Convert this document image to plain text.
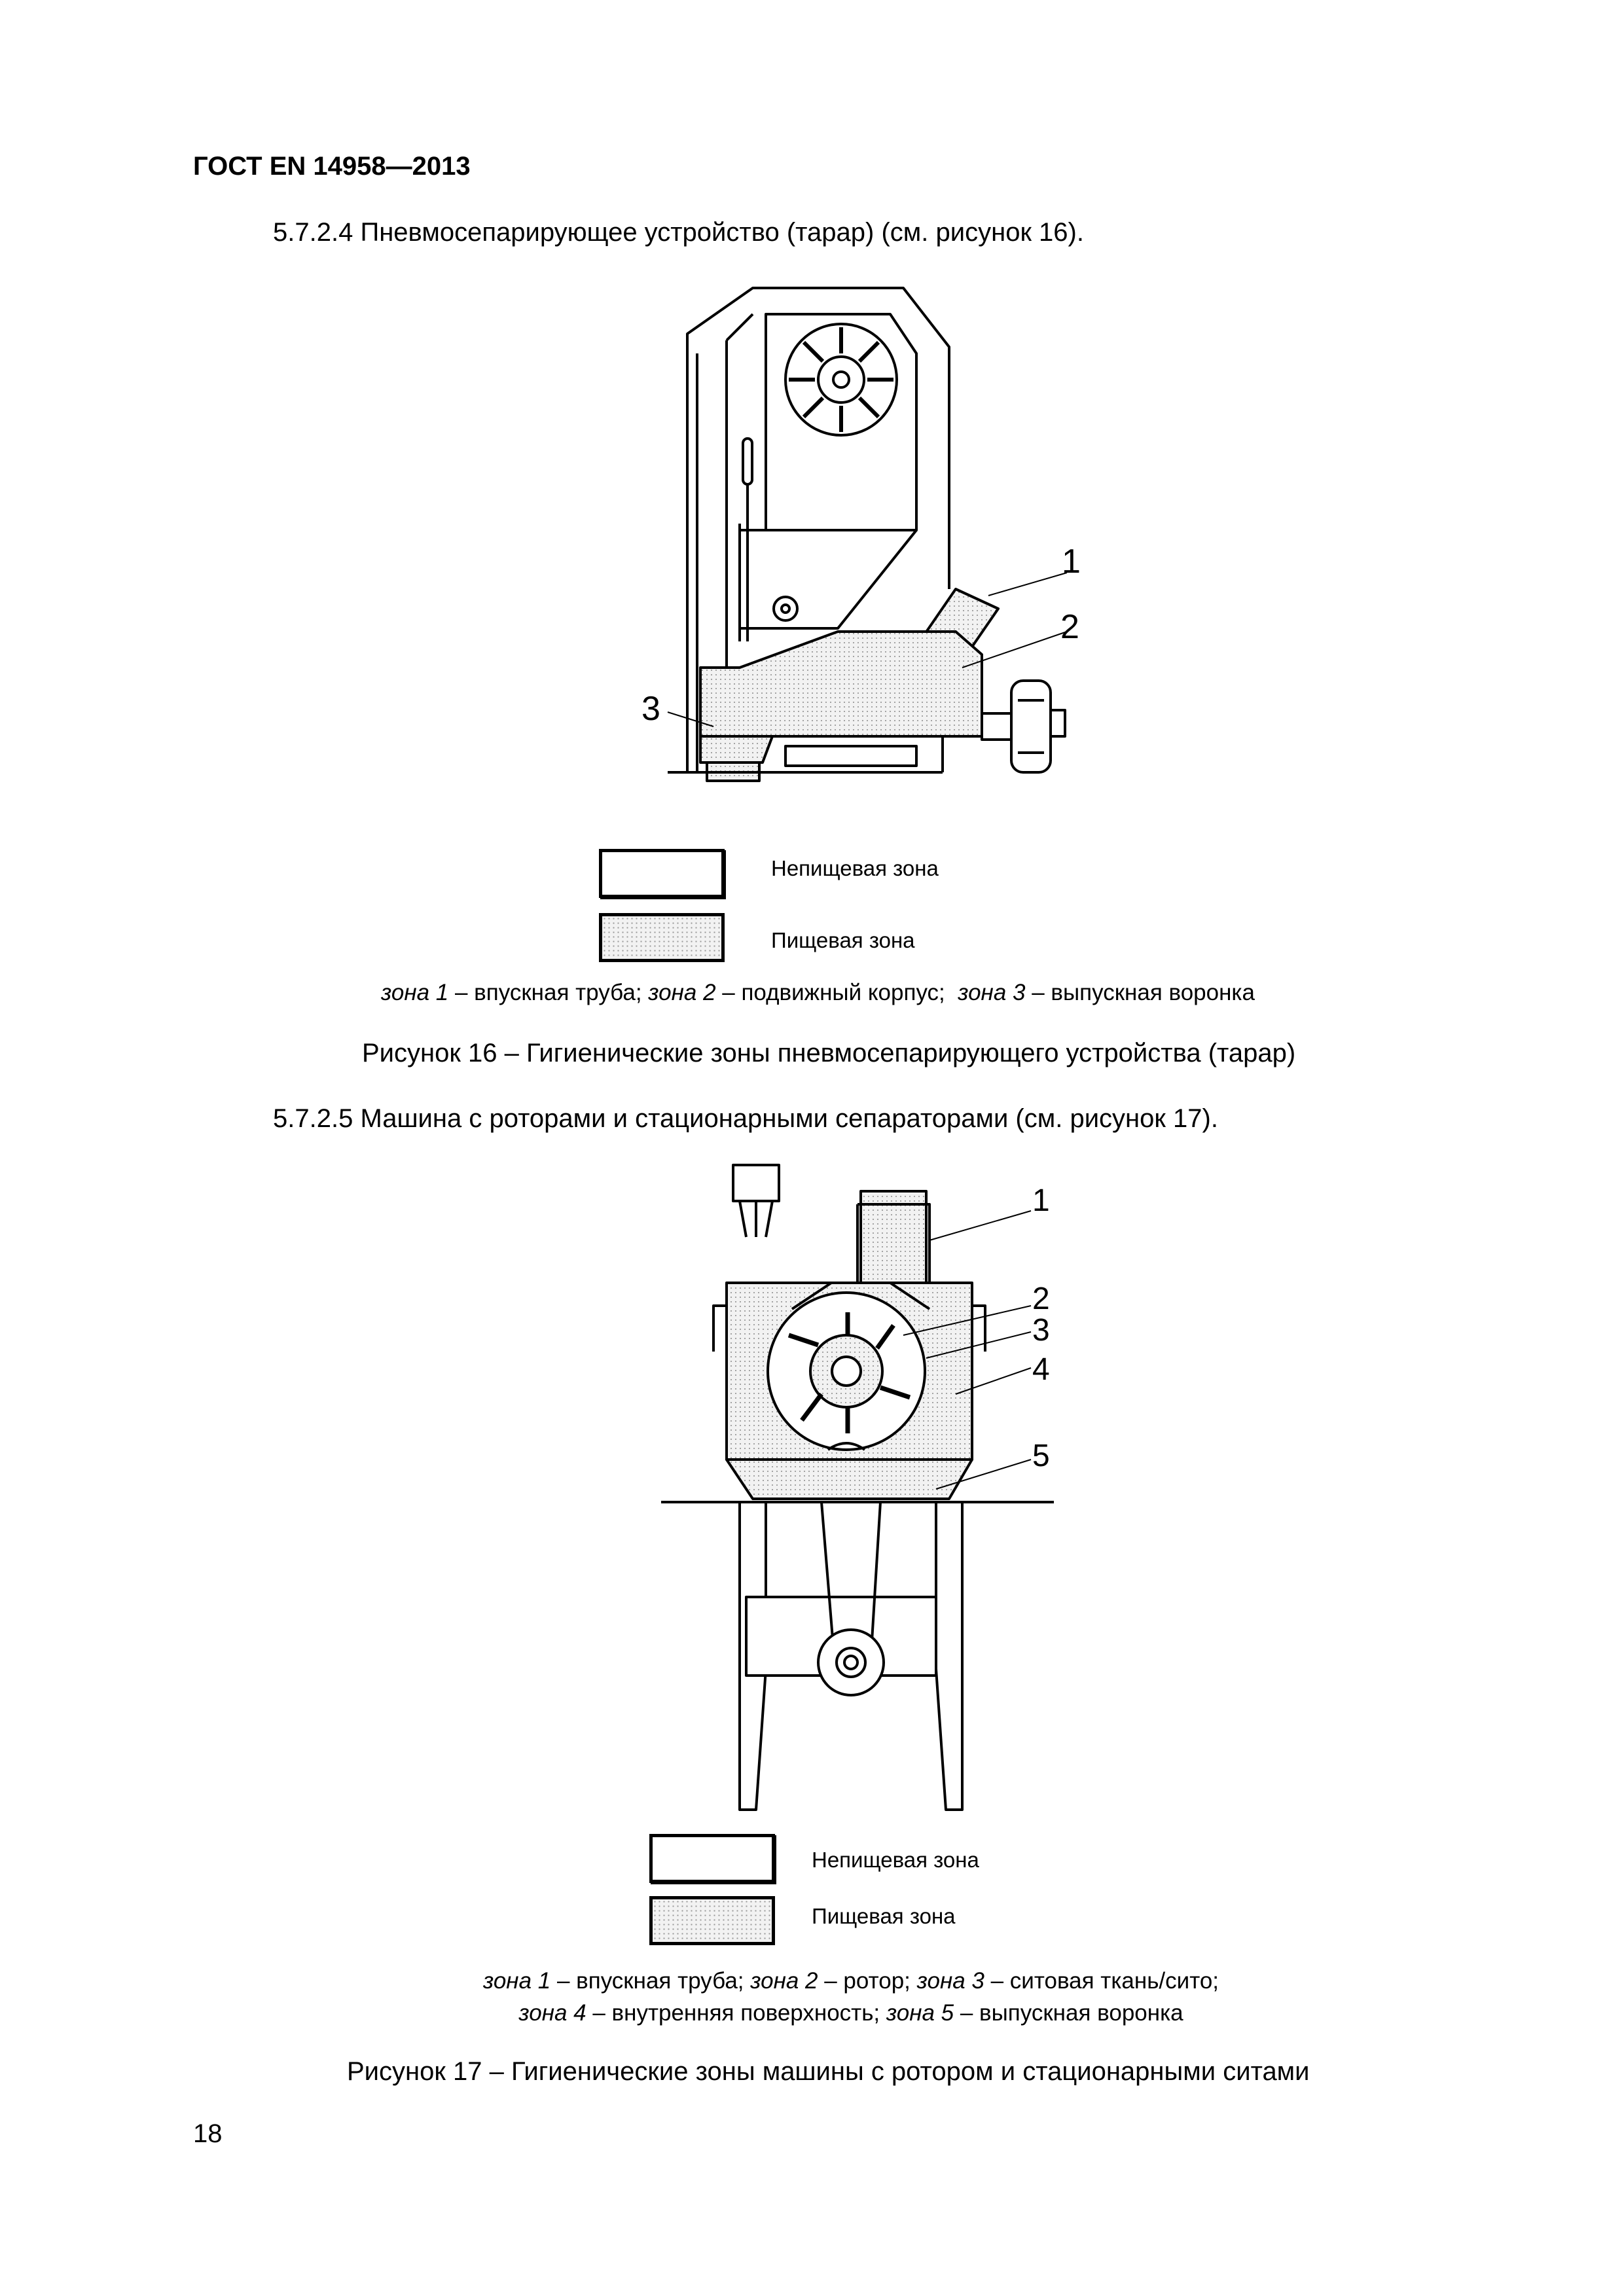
ГОСТ EN 14958—2013
5.7.2.4 Пневмосепарирующее устройство (тарар) (см. рисунок 16).
1
2
3
Непищевая зона
Пищевая зона
зона 1 – впускная труба; зона 2 – подвижный корпус;  зона 3 – выпускная воронка
Рисунок 16 – Гигиенические зоны пневмосепарирующего устройства (тарар)
5.7.2.5 Машина с роторами и стационарными сепараторами (см. рисунок 17).
1
2
3
4
5
Непищевая зона
Пищевая зона
зона 1 – впускная труба; зона 2 – ротор; зона 3 – ситовая ткань/сито;
зона 4 – внутренняя поверхность; зона 5 – выпускная воронка
Рисунок 17 – Гигиенические зоны машины с ротором и стационарными ситами
18
